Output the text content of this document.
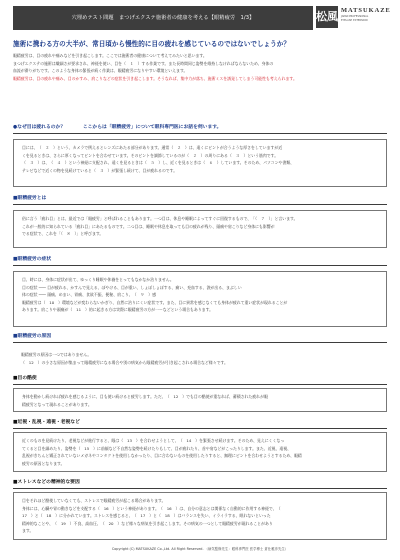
穴埋めテスト問題　まつげエクステ施術者の健康を考える【眼精疲労　1/3】	松風 MATSUKAZE
JAPAN PROFESSIONAL
EYELASH EXTENSION
施術に携わる方の大半が、常日頃から慢性的に目の疲れを感じているのではないでしょうか？
眼精疲労は、目の疲れや痛みなどを引き起こします。ここでは施術者の健康について考えてみたいと思います。
まつげエクステの施術は繊細さが要求され、神経を使い、目を（　１　）する作業です。また長時間同じ姿勢を維持しなければならないため、身体の
血流が滞りがちです。このような身体の緊張が続く作業は、眼精疲労になりやすい環境といえます。
眼精疲労は、目の疲れや痛み、目のかすみ、肩こりなどの症状を引き起こします。そうなれば、集中力が落ち、施術ミスを誘発してしまう可能性も考えられます。
●なぜ目は疲れるのか？	ここからは「眼精疲労」について眼科専門医にお話を伺います。
目には、（　２　）という、カメラで例えるとレンズにあたる部分があります。通常（　２　）は、遠くにピントが合うような厚さをしていますが近
くを見るときは、さらに厚くなってピントを合わせています。そのピントを調節しているのが（　２　）の周りにある（　３　）という筋肉です。
（　３　）は、（　４　）という神経に支配され、遠くを見るときは（　５　）し、近くを見るときは（　６　）しています。そのため、パソコンや書類、
テレビなどで近くの物を見続けていると（　３　）が緊張し続けて、目が疲れるのです。
■眼精疲労とは
俗に言う「疲れ目」とは、最近では「眼疲労」と呼ばれることもあります。一つ目は、休息や睡眠によってすぐに回復するもので、「（　７　）」と言います。
これが一般的に知られている「疲れ目」にあたるものです。二つ目は、睡眠や休息を取っても目の疲れが残り、頭痛や肩こりなど身体にも影響が
でる症状で、これを「（　８　）」と呼びます。
■眼精疲労の症状
目、時には、身体に症状が出て、ゆっくり睡眠や休養をとってもなかなか治りません。
目の症状 ─── 目が疲れる、かすんで見える、ぼやける、目が重い、しょぼしょぼする、痛い、充血する、涙が出る、まぶしい
体の症状 ─── 頭痛、めまい、胃痛、食欲不振、便秘、肩こり、（　９　）感
眼精疲労は（　10　）環境などが変わらないかぎり、自然に治りにくい症状です。また、目に異常を感じなくても身体が疲れて重い症状が現れることが
あります。肩こりや頭痛が（　11　）的に起きる方は実際に眼精疲労の方が一ーなどという場合もあります。
■眼精疲労の原因
眼精疲労の原因は一つではありません。
（　12　）の小さな原因が集まって眼精疲労になる場合や別の病気から眼精疲労が引き起こされる場合など様々です。
■目の酷使
身体を動かし続ければ疲れを感じるように、目も使い続けると疲労します。ただ、（　12　）でも目の酷使が重なれば、蓄積された疲れが眼
精疲労となって現れることがあります。
■近視・乱視・遠視・老視など
近くのものを見続けたり、老視などが進行すると、眼は（　13　）を合わせようとして、（　14　）を緊張させ続けます。そのため、見えにくくなっ
てくると目を細めたり、姿勢を（　15　）に前傾など不自然な姿勢を続けたりもして、目が疲れたり、首や肩などがこったりします。また、近視、遠視、
乱視がきちんと矯正されていないメガネやコンタクトを使用しなかったり、目に合わないものを使用したりすると、無理にピントを合わせようとするため、眼精
疲労の原因となります。
■ストレスなどの精神的な要因
目をそれほど酷使していなくても、ストレスで眼精疲労が起こる場合があります。
身体には、心臓や胃の動きなどを支配する（　16　）という神経があります。（　16　）は、自分の意志とは関係なく自動的に作用する神経で、（
17　）と（　18　）に分かれています。ストレスを感じると、（　17　）と（　18　）はバランスを失い、イライラする、眠れないといった
精神的なことや、（　19　）不良、高血圧、（　20　）など様々な病気を引き起こします。その病気の一つとして眼精疲労が現れることがあり
ます。
Copyright (C) MATSUKAZE Co.,Ltd. All Right Reserved. （病気監修先生：眼科専門医 医学博士 倉仕雅彦先生）
